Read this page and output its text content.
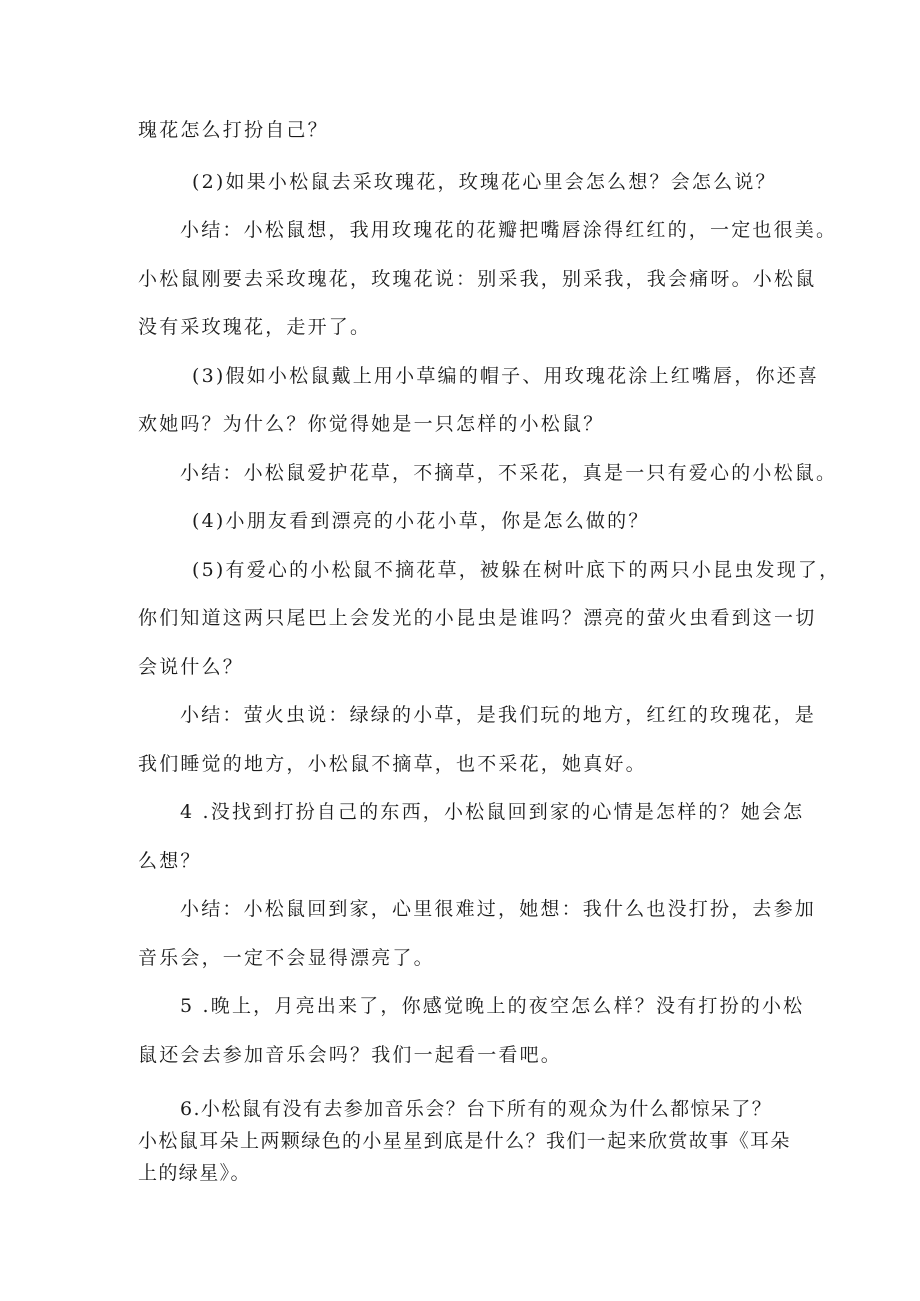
瑰花怎么打扮自己？
(2)如果小松鼠去采玫瑰花，玫瑰花心里会怎么想？会怎么说？
小结：小松鼠想，我用玫瑰花的花瓣把嘴唇涂得红红的，一定也很美。
小松鼠刚要去采玫瑰花，玫瑰花说：别采我，别采我，我会痛呀。小松鼠
没有采玫瑰花，走开了。
(3)假如小松鼠戴上用小草编的帽子、用玫瑰花涂上红嘴唇，你还喜
欢她吗？为什么？你觉得她是一只怎样的小松鼠？
小结：小松鼠爱护花草，不摘草，不采花，真是一只有爱心的小松鼠。
(4)小朋友看到漂亮的小花小草，你是怎么做的？
(5)有爱心的小松鼠不摘花草，被躲在树叶底下的两只小昆虫发现了，
你们知道这两只尾巴上会发光的小昆虫是谁吗？漂亮的萤火虫看到这一切
会说什么？
小结：萤火虫说：绿绿的小草，是我们玩的地方，红红的玫瑰花，是
我们睡觉的地方，小松鼠不摘草，也不采花，她真好。
4 .没找到打扮自己的东西，小松鼠回到家的心情是怎样的？她会怎
么想？
小结：小松鼠回到家，心里很难过，她想：我什么也没打扮，去参加
音乐会，一定不会显得漂亮了。
5 .晚上，月亮出来了，你感觉晚上的夜空怎么样？没有打扮的小松
鼠还会去参加音乐会吗？我们一起看一看吧。
6.小松鼠有没有去参加音乐会？台下所有的观众为什么都惊呆了？
小松鼠耳朵上两颗绿色的小星星到底是什么？我们一起来欣赏故事《耳朵
上的绿星》。
